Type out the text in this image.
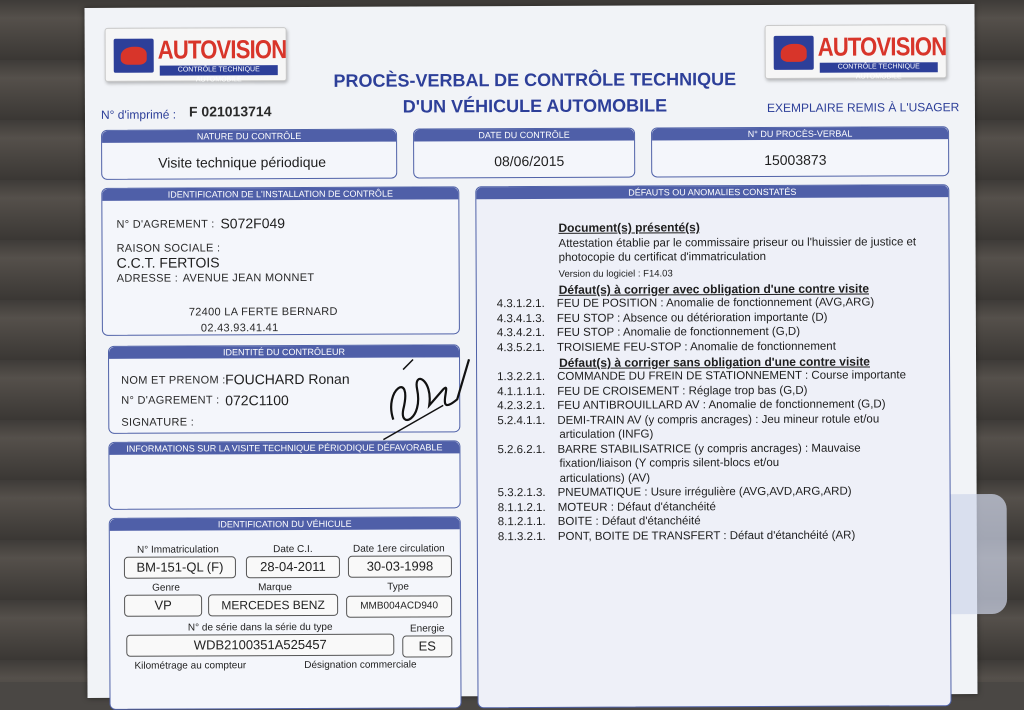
AUTOVISION
CONTRÔLE TECHNIQUE AUTOMOBILE
AUTOVISION
CONTRÔLE TECHNIQUE AUTOMOBILE
PROCÈS-VERBAL DE CONTRÔLE TECHNIQUE
D'UN VÉHICULE AUTOMOBILE
N° d'imprimé : F 021013714	EXEMPLAIRE REMIS À L'USAGER
NATURE DU CONTRÔLE
Visite technique périodique
DATE DU CONTRÔLE
08/06/2015
N° DU PROCÈS-VERBAL
15003873
IDENTIFICATION DE L'INSTALLATION DE CONTRÔLE
N° D'AGREMENT : S072F049
RAISON SOCIALE :
C.C.T. FERTOIS
ADRESSE : AVENUE JEAN MONNET
72400 LA FERTE BERNARD
02.43.93.41.41
IDENTITÉ DU CONTRÔLEUR
NOM ET PRENOM : FOUCHARD Ronan
N° D'AGREMENT : 072C1100
SIGNATURE :
INFORMATIONS SUR LA VISITE TECHNIQUE PÉRIODIQUE DÉFAVORABLE
IDENTIFICATION DU VÉHICULE
N° Immatriculation
BM-151-QL (F)
Date C.I.
28-04-2011
Date 1ere circulation
30-03-1998
Genre
VP
Marque
MERCEDES BENZ
Type
MMB004ACD940
N° de série dans la série du type
WDB2100351A525457
Energie
ES
Kilométrage au compteur	Désignation commerciale
DÉFAUTS OU ANOMALIES CONSTATÉS
Document(s) présenté(s)
Attestation établie par le commissaire priseur ou l'huissier de justice et photocopie du certificat d'immatriculation
Version du logiciel : F14.03
Défaut(s) à corriger avec obligation d'une contre visite
4.3.1.2.1. FEU DE POSITION : Anomalie de fonctionnement (AVG,ARG)
4.3.4.1.3. FEU STOP : Absence ou détérioration importante (D)
4.3.4.2.1. FEU STOP : Anomalie de fonctionnement (G,D)
4.3.5.2.1. TROISIEME FEU-STOP : Anomalie de fonctionnement
Défaut(s) à corriger sans obligation d'une contre visite
1.3.2.2.1. COMMANDE DU FREIN DE STATIONNEMENT : Course importante
4.1.1.1.1. FEU DE CROISEMENT : Réglage trop bas (G,D)
4.2.3.2.1. FEU ANTIBROUILLARD AV : Anomalie de fonctionnement (G,D)
5.2.4.1.1. DEMI-TRAIN AV (y compris ancrages) : Jeu mineur rotule et/ou
articulation (INFG)
5.2.6.2.1. BARRE STABILISATRICE (y compris ancrages) : Mauvaise
fixation/liaison (Y compris silent-blocs et/ou
articulations) (AV)
5.3.2.1.3. PNEUMATIQUE : Usure irrégulière (AVG,AVD,ARG,ARD)
8.1.1.2.1. MOTEUR : Défaut d'étanchéité
8.1.2.1.1. BOITE : Défaut d'étanchéité
8.1.3.2.1. PONT, BOITE DE TRANSFERT : Défaut d'étanchéité (AR)
